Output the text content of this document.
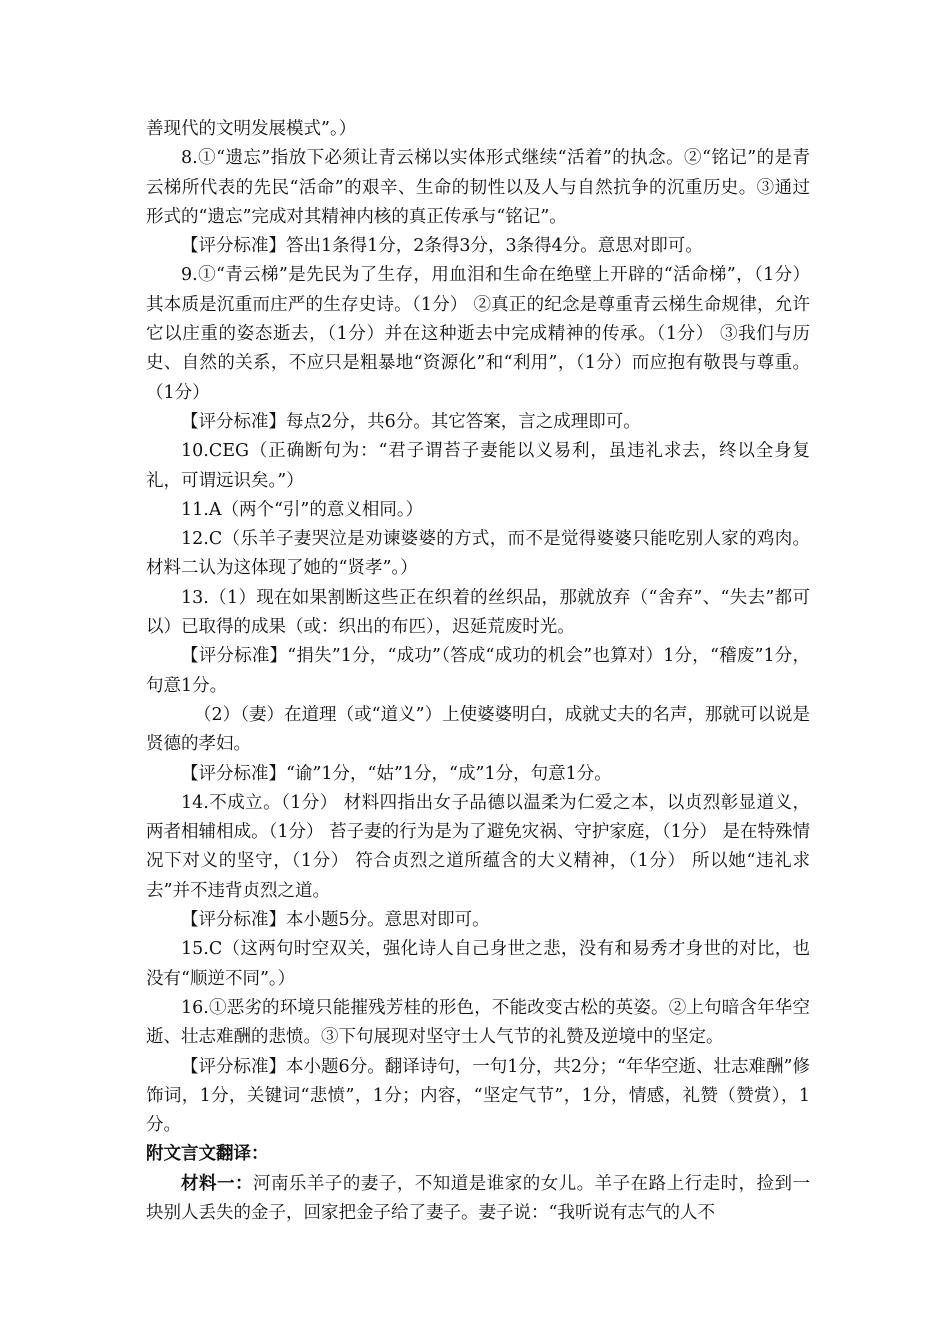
善现代的文明发展模式”。）

8.①“遗忘”指放下必须让青云梯以实体形式继续“活着”的执念。②“铭记”的是青云梯所代表的先民“活命”的艰辛、生命的韧性以及人与自然抗争的沉重历史。③通过形式的“遗忘”完成对其精神内核的真正传承与“铭记”。

【评分标准】答出1条得1分，2条得3分，3条得4分。意思对即可。

9.①“青云梯”是先民为了生存，用血泪和生命在绝壁上开辟的“活命梯”，（1分）其本质是沉重而庄严的生存史诗。（1分） ②真正的纪念是尊重青云梯生命规律，允许它以庄重的姿态逝去，（1分）并在这种逝去中完成精神的传承。（1分） ③我们与历史、自然的关系，不应只是粗暴地“资源化”和“利用”，（1分）而应抱有敬畏与尊重。（1分）

【评分标准】每点2分，共6分。其它答案，言之成理即可。

10.CEG（正确断句为：“君子谓苔子妻能以义易利，虽违礼求去，终以全身复礼，可谓远识矣。”）

11.A（两个“引”的意义相同。）

12.C（乐羊子妻哭泣是劝谏婆婆的方式，而不是觉得婆婆只能吃别人家的鸡肉。材料二认为这体现了她的“贤孝”。）

13.（1）现在如果割断这些正在织着的丝织品，那就放弃（“舍弃”、“失去”都可以）已取得的成果（或：织出的布匹），迟延荒废时光。

【评分标准】“捐失”1分，“成功”（答成“成功的机会”也算对）1分，“稽废”1分，句意1分。

（2）（妻）在道理（或“道义”）上使婆婆明白，成就丈夫的名声，那就可以说是贤德的孝妇。

【评分标准】“谕”1分，“姑”1分，“成”1分，句意1分。

14.不成立。（1分） 材料四指出女子品德以温柔为仁爱之本，以贞烈彰显道义，两者相辅相成。（1分） 苔子妻的行为是为了避免灾祸、守护家庭，（1分） 是在特殊情况下对义的坚守，（1分） 符合贞烈之道所蕴含的大义精神，（1分） 所以她“违礼求去”并不违背贞烈之道。

【评分标准】本小题5分。意思对即可。

15.C（这两句时空双关，强化诗人自己身世之悲，没有和易秀才身世的对比，也没有“顺逆不同”。）

16.①恶劣的环境只能摧残芳桂的形色，不能改变古松的英姿。②上句暗含年华空逝、壮志难酬的悲愤。③下句展现对坚守士人气节的礼赞及逆境中的坚定。

【评分标准】本小题6分。翻译诗句，一句1分，共2分；“年华空逝、壮志难酬”修饰词，1分，关键词“悲愤”，1分；内容，“坚定气节”，1分，情感，礼赞（赞赏），1分。

附文言文翻译：

材料一：河南乐羊子的妻子，不知道是谁家的女儿。羊子在路上行走时，捡到一块别人丢失的金子，回家把金子给了妻子。妻子说：“我听说有志气的人不
